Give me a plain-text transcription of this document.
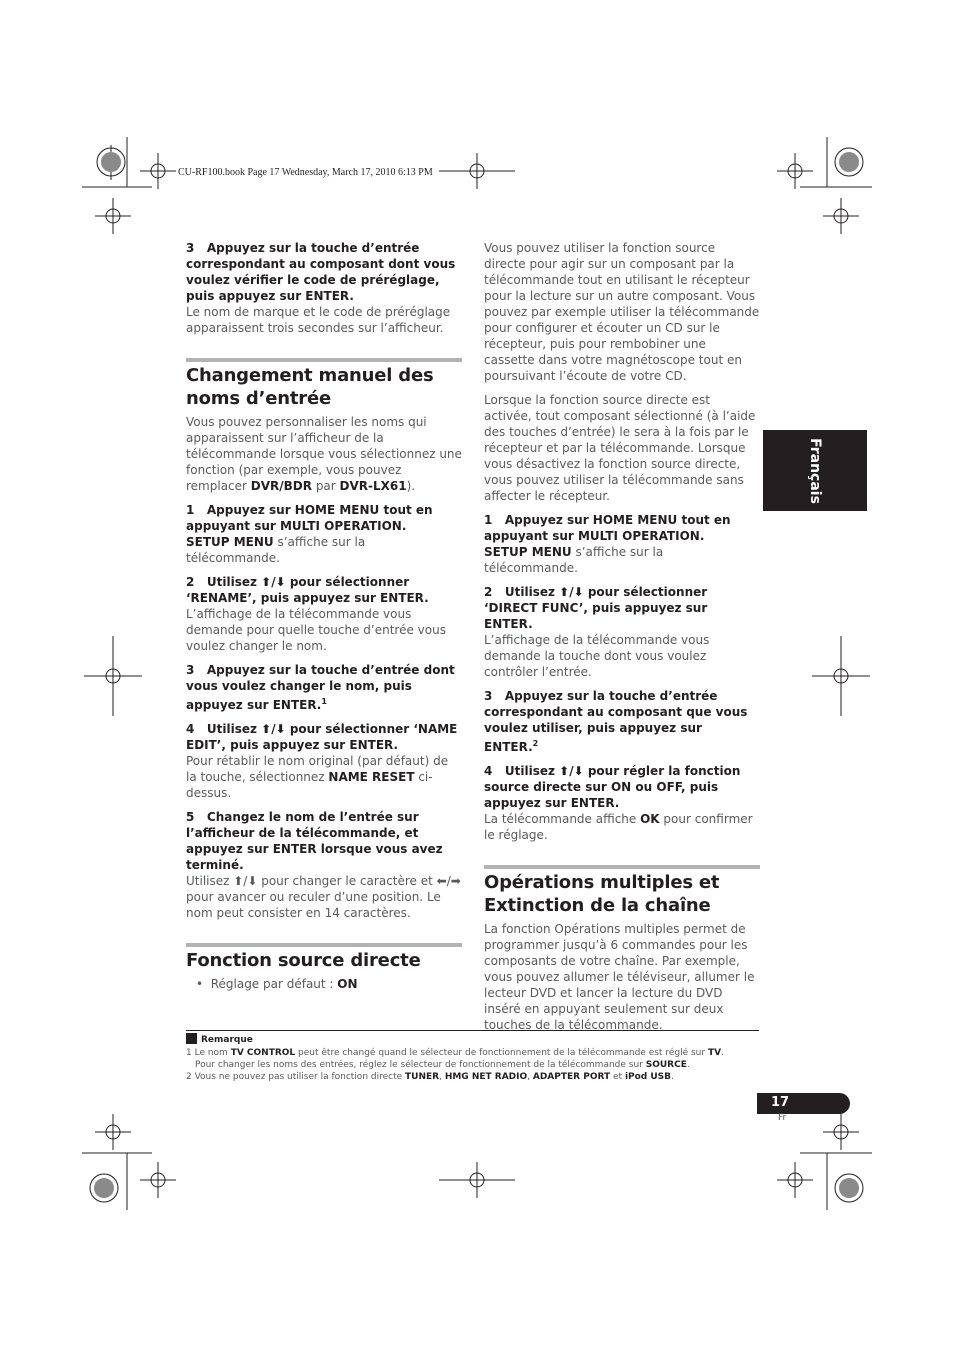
CU-RF100.book Page 17 Wednesday, March 17, 2010 6:13 PM
Français

3   Appuyez sur la touche d’entrée correspondant au composant dont vous voulez vérifier le code de préréglage, puis appuyez sur ENTER.

Le nom de marque et le code de préréglage apparaissent trois secondes sur l’afficheur.

Changement manuel des noms d’entrée

Vous pouvez personnaliser les noms qui apparaissent sur l’afficheur de la télécommande lorsque vous sélectionnez une fonction (par exemple, vous pouvez remplacer DVR/BDR par DVR-LX61).

1   Appuyez sur HOME MENU tout en appuyant sur MULTI OPERATION.

SETUP MENU s’affiche sur la télécommande.

2   Utilisez ⬆/⬇ pour sélectionner ‘RENAME’, puis appuyez sur ENTER.

L’affichage de la télécommande vous demande pour quelle touche d’entrée vous voulez changer le nom.

3   Appuyez sur la touche d’entrée dont vous voulez changer le nom, puis appuyez sur ENTER.$^1$

4   Utilisez ⬆/⬇ pour sélectionner ‘NAME EDIT’, puis appuyez sur ENTER.

Pour rétablir le nom original (par défaut) de la touche, sélectionnez NAME RESET ci-dessus.

5   Changez le nom de l’entrée sur l’afficheur de la télécommande, et appuyez sur ENTER lorsque vous avez terminé.

Utilisez ⬆/⬇ pour changer le caractère et ⬅/➡ pour avancer ou reculer d’une position. Le nom peut consister en 14 caractères.

Fonction source directe

•  Réglage par défaut : ON

Vous pouvez utiliser la fonction source directe pour agir sur un composant par la télécommande tout en utilisant le récepteur pour la lecture sur un autre composant. Vous pouvez par exemple utiliser la télécommande pour configurer et écouter un CD sur le récepteur, puis pour rembobiner une cassette dans votre magnétoscope tout en poursuivant l’écoute de votre CD.

Lorsque la fonction source directe est activée, tout composant sélectionné (à l’aide des touches d’entrée) le sera à la fois par le récepteur et par la télécommande. Lorsque vous désactivez la fonction source directe, vous pouvez utiliser la télécommande sans affecter le récepteur.

1   Appuyez sur HOME MENU tout en appuyant sur MULTI OPERATION.

SETUP MENU s’affiche sur la télécommande.

2   Utilisez ⬆/⬇ pour sélectionner ‘DIRECT FUNC’, puis appuyez sur ENTER.

L’affichage de la télécommande vous demande la touche dont vous voulez contrôler l’entrée.

3   Appuyez sur la touche d’entrée correspondant au composant que vous voulez utiliser, puis appuyez sur ENTER.$^2$

4   Utilisez ⬆/⬇ pour régler la fonction source directe sur ON ou OFF, puis appuyez sur ENTER.

La télécommande affiche OK pour confirmer le réglage.

Opérations multiples et Extinction de la chaîne

La fonction Opérations multiples permet de programmer jusqu’à 6 commandes pour les composants de votre chaîne. Par exemple, vous pouvez allumer le téléviseur, allumer le lecteur DVD et lancer la lecture du DVD inséré en appuyant seulement sur deux touches de la télécommande.

Remarque
1 Le nom TV CONTROL peut être changé quand le sélecteur de fonctionnement de la télécommande est réglé sur TV.
Pour changer les noms des entrées, réglez le sélecteur de fonctionnement de la télécommande sur SOURCE.
2 Vous ne pouvez pas utiliser la fonction directe TUNER, HMG NET RADIO, ADAPTER PORT et iPod USB.
17
Fr
